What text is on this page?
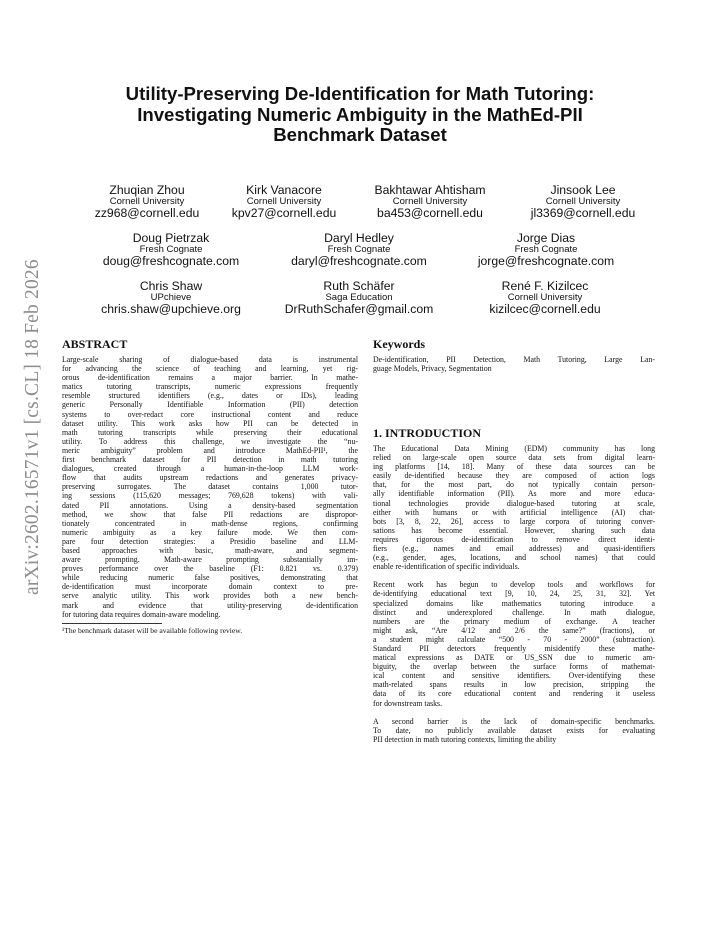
arXiv:2602.16571v1 [cs.CL] 18 Feb 2026
Utility-Preserving De-Identification for Math Tutoring:
Investigating Numeric Ambiguity in the MathEd-PII
Benchmark Dataset
Zhuqian Zhou
Cornell University
zz968@cornell.edu
Kirk Vanacore
Cornell University
kpv27@cornell.edu
Bakhtawar Ahtisham
Cornell University
ba453@cornell.edu
Jinsook Lee
Cornell University
jl3369@cornell.edu
Doug Pietrzak
Fresh Cognate
doug@freshcognate.com
Daryl Hedley
Fresh Cognate
daryl@freshcognate.com
Jorge Dias
Fresh Cognate
jorge@freshcognate.com
Chris Shaw
UPchieve
chris.shaw@upchieve.org
Ruth Schäfer
Saga Education
DrRuthSchafer@gmail.com
René F. Kizilcec
Cornell University
kizilcec@cornell.edu
ABSTRACT
Large-scale sharing of dialogue-based data is instrumental
for advancing the science of teaching and learning, yet rig-
orous de-identification remains a major barrier. In mathe-
matics tutoring transcripts, numeric expressions frequently
resemble structured identifiers (e.g., dates or IDs), leading
generic Personally Identifiable Information (PII) detection
systems to over-redact core instructional content and reduce
dataset utility. This work asks how PII can be detected in
math tutoring transcripts while preserving their educational
utility. To address this challenge, we investigate the “nu-
meric ambiguity” problem and introduce MathEd-PII¹, the
first benchmark dataset for PII detection in math tutoring
dialogues, created through a human-in-the-loop LLM work-
flow that audits upstream redactions and generates privacy-
preserving surrogates. The dataset contains 1,000 tutor-
ing sessions (115,620 messages; 769,628 tokens) with vali-
dated PII annotations. Using a density-based segmentation
method, we show that false PII redactions are dispropor-
tionately concentrated in math-dense regions, confirming
numeric ambiguity as a key failure mode. We then com-
pare four detection strategies: a Presidio baseline and LLM-
based approaches with basic, math-aware, and segment-
aware prompting. Math-aware prompting substantially im-
proves performance over the baseline (F1: 0.821 vs. 0.379)
while reducing numeric false positives, demonstrating that
de-identification must incorporate domain context to pre-
serve analytic utility. This work provides both a new bench-
mark and evidence that utility-preserving de-identification
for tutoring data requires domain-aware modeling.
¹The benchmark dataset will be available following review.
Keywords
De-identification, PII Detection, Math Tutoring, Large Lan-
guage Models, Privacy, Segmentation
1. INTRODUCTION
The Educational Data Mining (EDM) community has long
relied on large-scale open source data sets from digital learn-
ing platforms [14, 18]. Many of these data sources can be
easily de-identified because they are composed of action logs
that, for the most part, do not typically contain person-
ally identifiable information (PII). As more and more educa-
tional technologies provide dialogue-based tutoring at scale,
either with humans or with artificial intelligence (AI) chat-
bots [3, 8, 22, 26], access to large corpora of tutoring conver-
sations has become essential. However, sharing such data
requires rigorous de-identification to remove direct identi-
fiers (e.g., names and email addresses) and quasi-identifiers
(e.g., gender, ages, locations, and school names) that could
enable re-identification of specific individuals.
Recent work has begun to develop tools and workflows for
de-identifying educational text [9, 10, 24, 25, 31, 32]. Yet
specialized domains like mathematics tutoring introduce a
distinct and underexplored challenge. In math dialogue,
numbers are the primary medium of exchange. A teacher
might ask, “Are 4/12 and 2/6 the same?” (fractions), or
a student might calculate “500 - 70 - 2000” (subtraction).
Standard PII detectors frequently misidentify these mathe-
matical expressions as DATE or US_SSN due to numeric am-
biguity, the overlap between the surface forms of mathemat-
ical content and sensitive identifiers. Over-identifying these
math-related spans results in low precision, stripping the
data of its core educational content and rendering it useless
for downstream tasks.
A second barrier is the lack of domain-specific benchmarks.
To date, no publicly available dataset exists for evaluating
PII detection in math tutoring contexts, limiting the ability
